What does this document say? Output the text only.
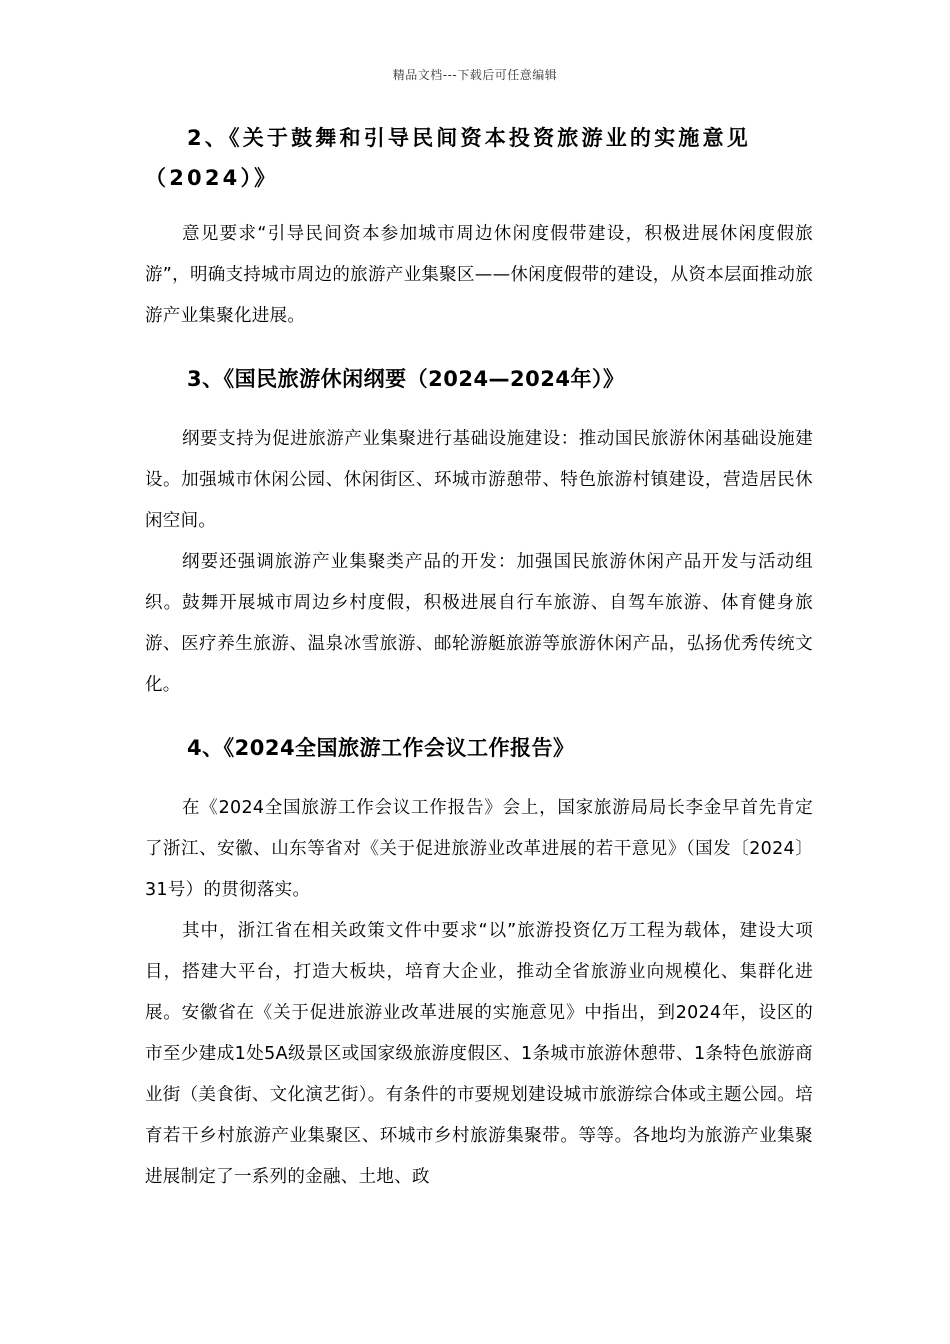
精品文档---下载后可任意编辑

2、《关于鼓舞和引导民间资本投资旅游业的实施意见（2024）》

意见要求“引导民间资本参加城市周边休闲度假带建设，积极进展休闲度假旅游”，明确支持城市周边的旅游产业集聚区——休闲度假带的建设，从资本层面推动旅游产业集聚化进展。

3、《国民旅游休闲纲要（2024—2024年）》

纲要支持为促进旅游产业集聚进行基础设施建设：推动国民旅游休闲基础设施建设。加强城市休闲公园、休闲街区、环城市游憩带、特色旅游村镇建设，营造居民休闲空间。

纲要还强调旅游产业集聚类产品的开发：加强国民旅游休闲产品开发与活动组织。鼓舞开展城市周边乡村度假，积极进展自行车旅游、自驾车旅游、体育健身旅游、医疗养生旅游、温泉冰雪旅游、邮轮游艇旅游等旅游休闲产品，弘扬优秀传统文化。

4、《2024全国旅游工作会议工作报告》

在《2024全国旅游工作会议工作报告》会上，国家旅游局局长李金早首先肯定了浙江、安徽、山东等省对《关于促进旅游业改革进展的若干意见》（国发〔2024〕31号）的贯彻落实。

其中，浙江省在相关政策文件中要求“以”旅游投资亿万工程为载体，建设大项目，搭建大平台，打造大板块，培育大企业，推动全省旅游业向规模化、集群化进展。安徽省在《关于促进旅游业改革进展的实施意见》中指出，到2024年，设区的市至少建成1处5A级景区或国家级旅游度假区、1条城市旅游休憩带、1条特色旅游商业街（美食街、文化演艺街）。有条件的市要规划建设城市旅游综合体或主题公园。培育若干乡村旅游产业集聚区、环城市乡村旅游集聚带。等等。各地均为旅游产业集聚进展制定了一系列的金融、土地、政
